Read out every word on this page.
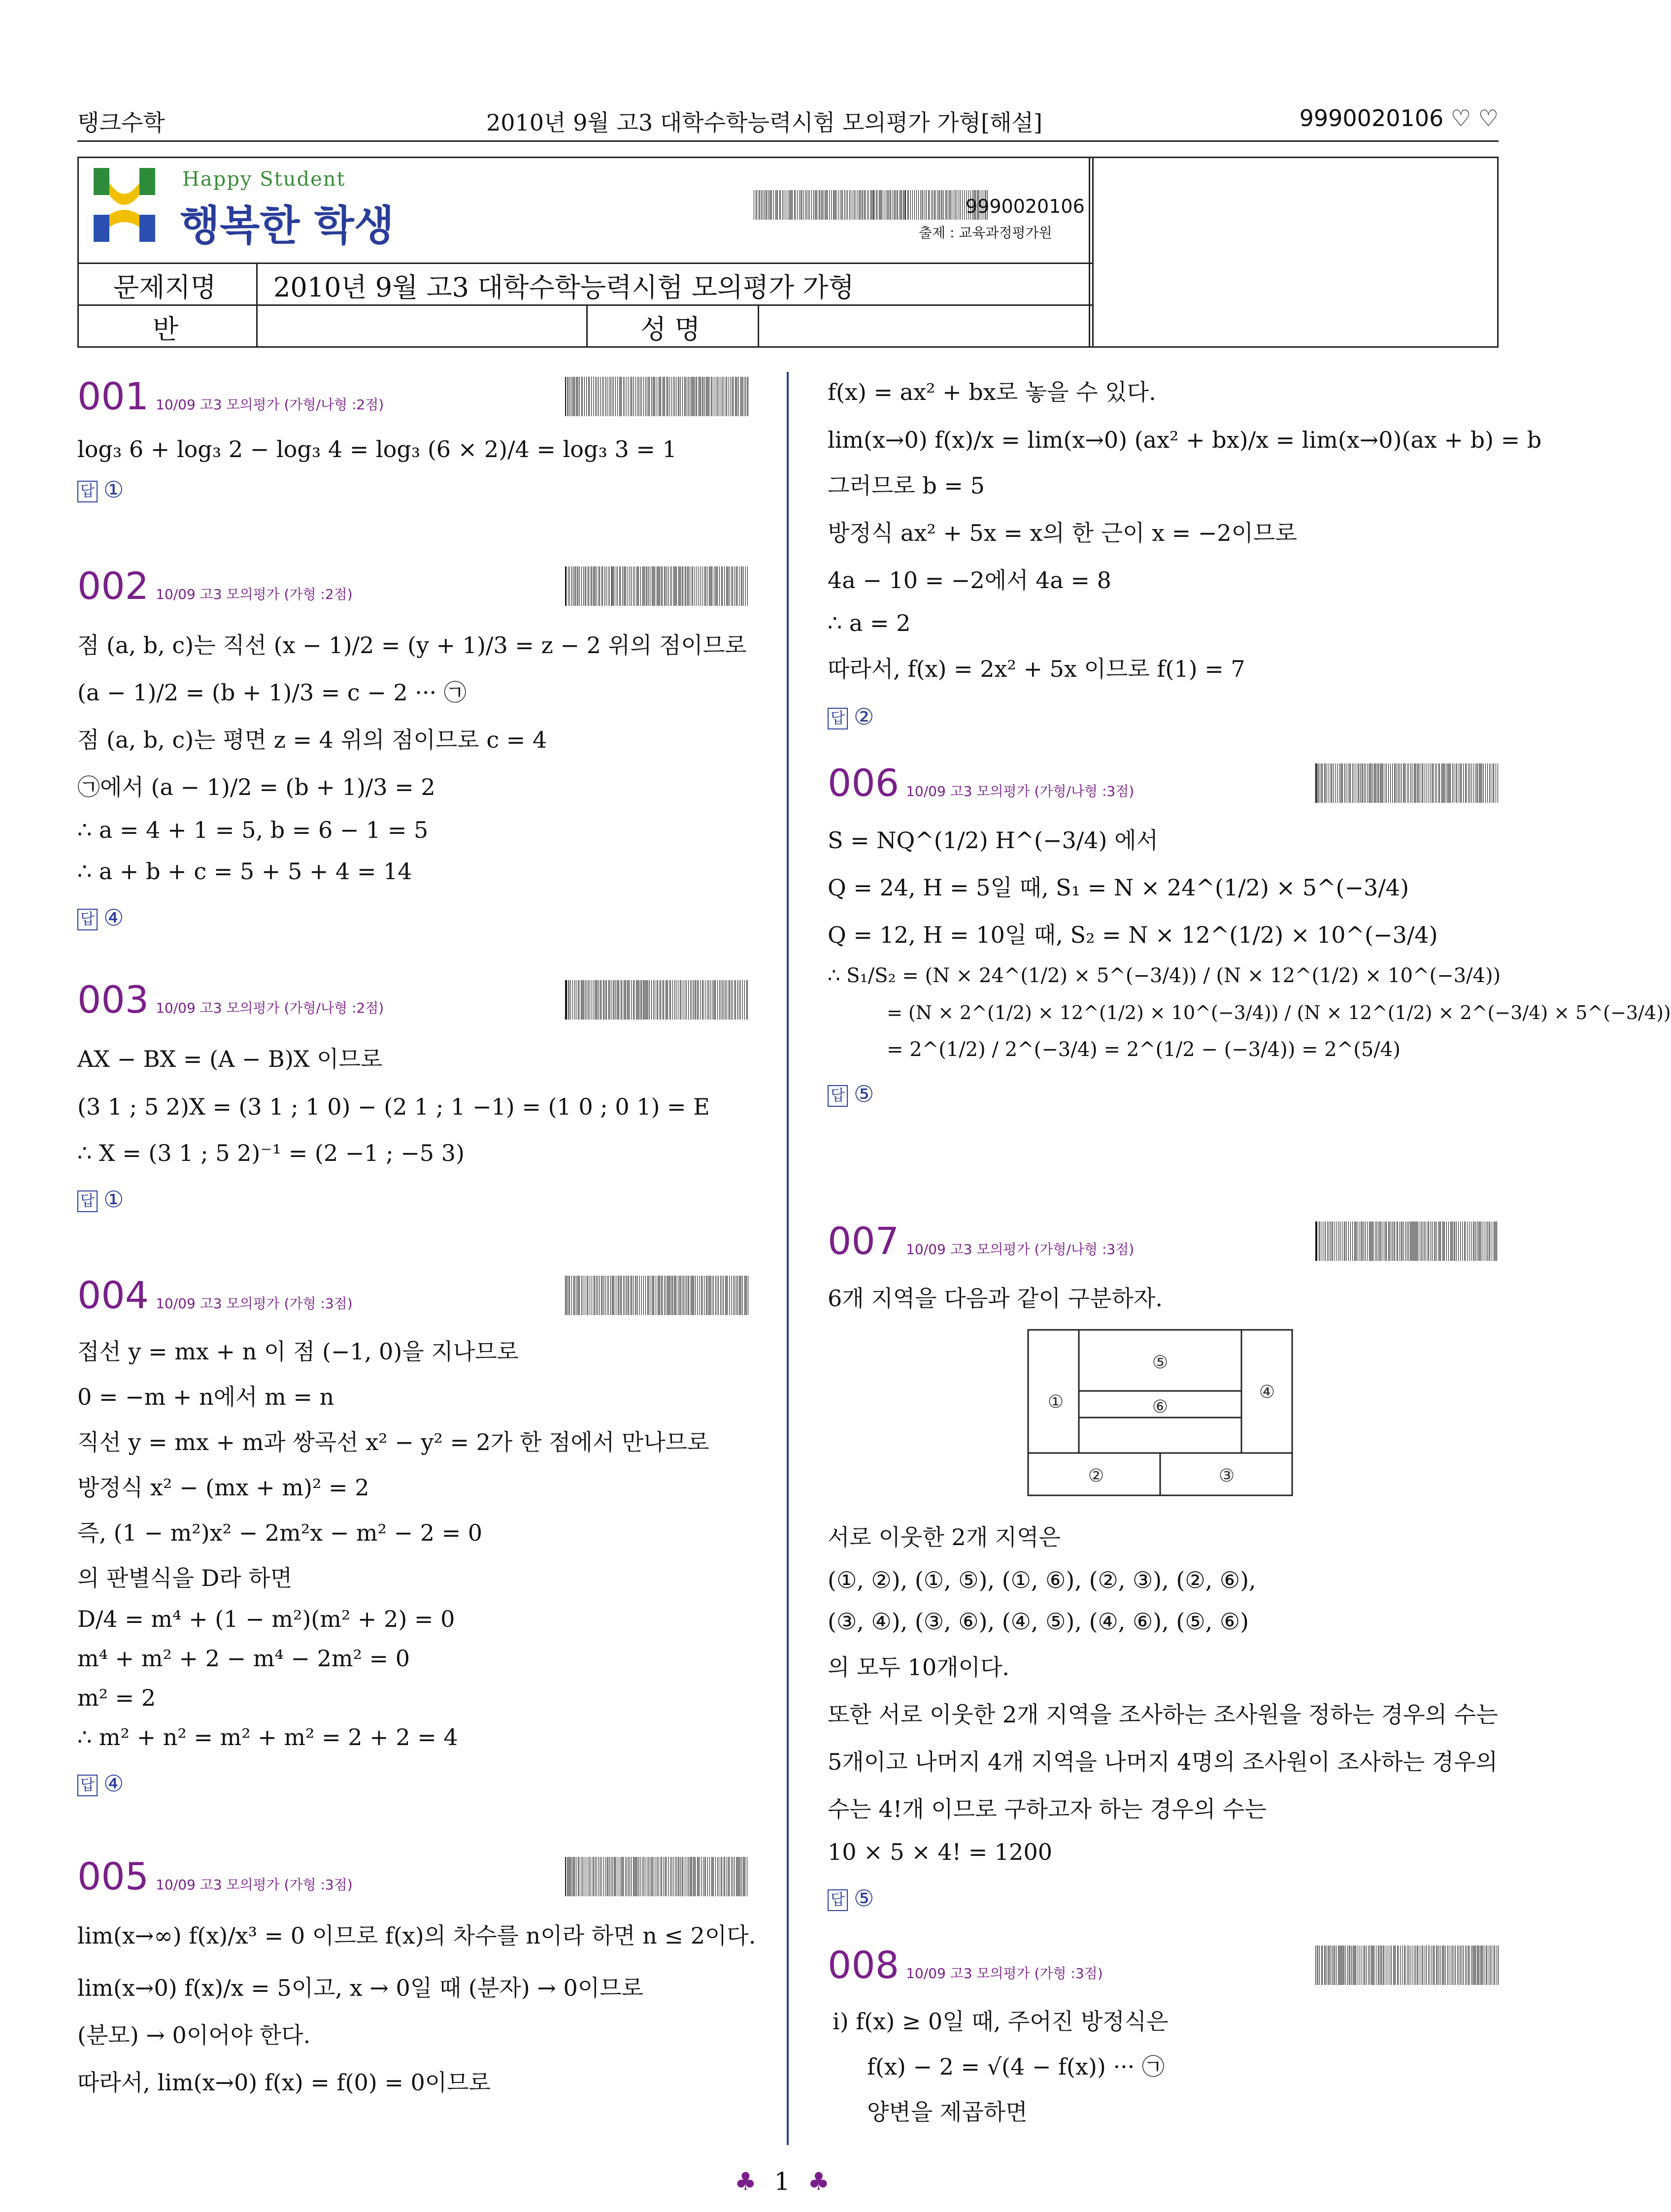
탱크수학	2010년 9월 고3 대학수학능력시험 모의평가 가형[해설]	9990020106 ♡ ♡
Happy Student
행복한 학생	9990020106
출제 : 교육과정평가원
문제지명 2010년 9월 고3 대학수학능력시험 모의평가 가형
반	성 명
001 10/09 고3 모의평가 (가형/나형 :2점)
log₃ 6 + log₃ 2 − log₃ 4 = log₃ (6 × 2)/4 = log₃ 3 = 1
답 ①
002 10/09 고3 모의평가 (가형 :2점)
점 (a, b, c)는 직선 (x − 1)/2 = (y + 1)/3 = z − 2 위의 점이므로
(a − 1)/2 = (b + 1)/3 = c − 2 ··· ㉠
점 (a, b, c)는 평면 z = 4 위의 점이므로 c = 4
㉠에서 (a − 1)/2 = (b + 1)/3 = 2
∴ a = 4 + 1 = 5, b = 6 − 1 = 5
∴ a + b + c = 5 + 5 + 4 = 14
답 ④
003 10/09 고3 모의평가 (가형/나형 :2점)
AX − BX = (A − B)X 이므로
(3 1 ; 5 2)X = (3 1 ; 1 0) − (2 1 ; 1 −1) = (1 0 ; 0 1) = E
∴ X = (3 1 ; 5 2)⁻¹ = (2 −1 ; −5 3)
답 ①
004 10/09 고3 모의평가 (가형 :3점)
접선 y = mx + n 이 점 (−1, 0)을 지나므로
0 = −m + n에서 m = n
직선 y = mx + m과 쌍곡선 x² − y² = 2가 한 점에서 만나므로
방정식 x² − (mx + m)² = 2
즉, (1 − m²)x² − 2m²x − m² − 2 = 0
의 판별식을 D라 하면
D/4 = m⁴ + (1 − m²)(m² + 2) = 0
m⁴ + m² + 2 − m⁴ − 2m² = 0
m² = 2
∴ m² + n² = m² + m² = 2 + 2 = 4
답 ④
005 10/09 고3 모의평가 (가형 :3점)
lim(x→∞) f(x)/x³ = 0 이므로 f(x)의 차수를 n이라 하면 n ≤ 2이다.
lim(x→0) f(x)/x = 5이고, x → 0일 때 (분자) → 0이므로
(분모) → 0이어야 한다.
따라서, lim(x→0) f(x) = f(0) = 0이므로
f(x) = ax² + bx로 놓을 수 있다.
lim(x→0) f(x)/x = lim(x→0) (ax² + bx)/x = lim(x→0)(ax + b) = b
그러므로 b = 5
방정식 ax² + 5x = x의 한 근이 x = −2이므로
4a − 10 = −2에서 4a = 8
∴ a = 2
따라서, f(x) = 2x² + 5x 이므로 f(1) = 7
답 ②
006 10/09 고3 모의평가 (가형/나형 :3점)
S = NQ^(1/2) H^(−3/4) 에서
Q = 24, H = 5일 때, S₁ = N × 24^(1/2) × 5^(−3/4)
Q = 12, H = 10일 때, S₂ = N × 12^(1/2) × 10^(−3/4)
∴ S₁/S₂ = (N × 24^(1/2) × 5^(−3/4)) / (N × 12^(1/2) × 10^(−3/4))
= (N × 2^(1/2) × 12^(1/2) × 10^(−3/4)) / (N × 12^(1/2) × 2^(−3/4) × 5^(−3/4))
= 2^(1/2) / 2^(−3/4) = 2^(1/2 − (−3/4)) = 2^(5/4)
답 ⑤
007 10/09 고3 모의평가 (가형/나형 :3점)
6개 지역을 다음과 같이 구분하자.
①
②	③
④
⑤
⑥
서로 이웃한 2개 지역은
(①, ②), (①, ⑤), (①, ⑥), (②, ③), (②, ⑥),
(③, ④), (③, ⑥), (④, ⑤), (④, ⑥), (⑤, ⑥)
의 모두 10개이다.
또한 서로 이웃한 2개 지역을 조사하는 조사원을 정하는 경우의 수는
5개이고 나머지 4개 지역을 나머지 4명의 조사원이 조사하는 경우의
수는 4!개 이므로 구하고자 하는 경우의 수는
10 × 5 × 4! = 1200
답 ⑤
008 10/09 고3 모의평가 (가형 :3점)
ⅰ) f(x) ≥ 0일 때, 주어진 방정식은
f(x) − 2 = √(4 − f(x)) ··· ㉠
양변을 제곱하면
♣ 1 ♣
